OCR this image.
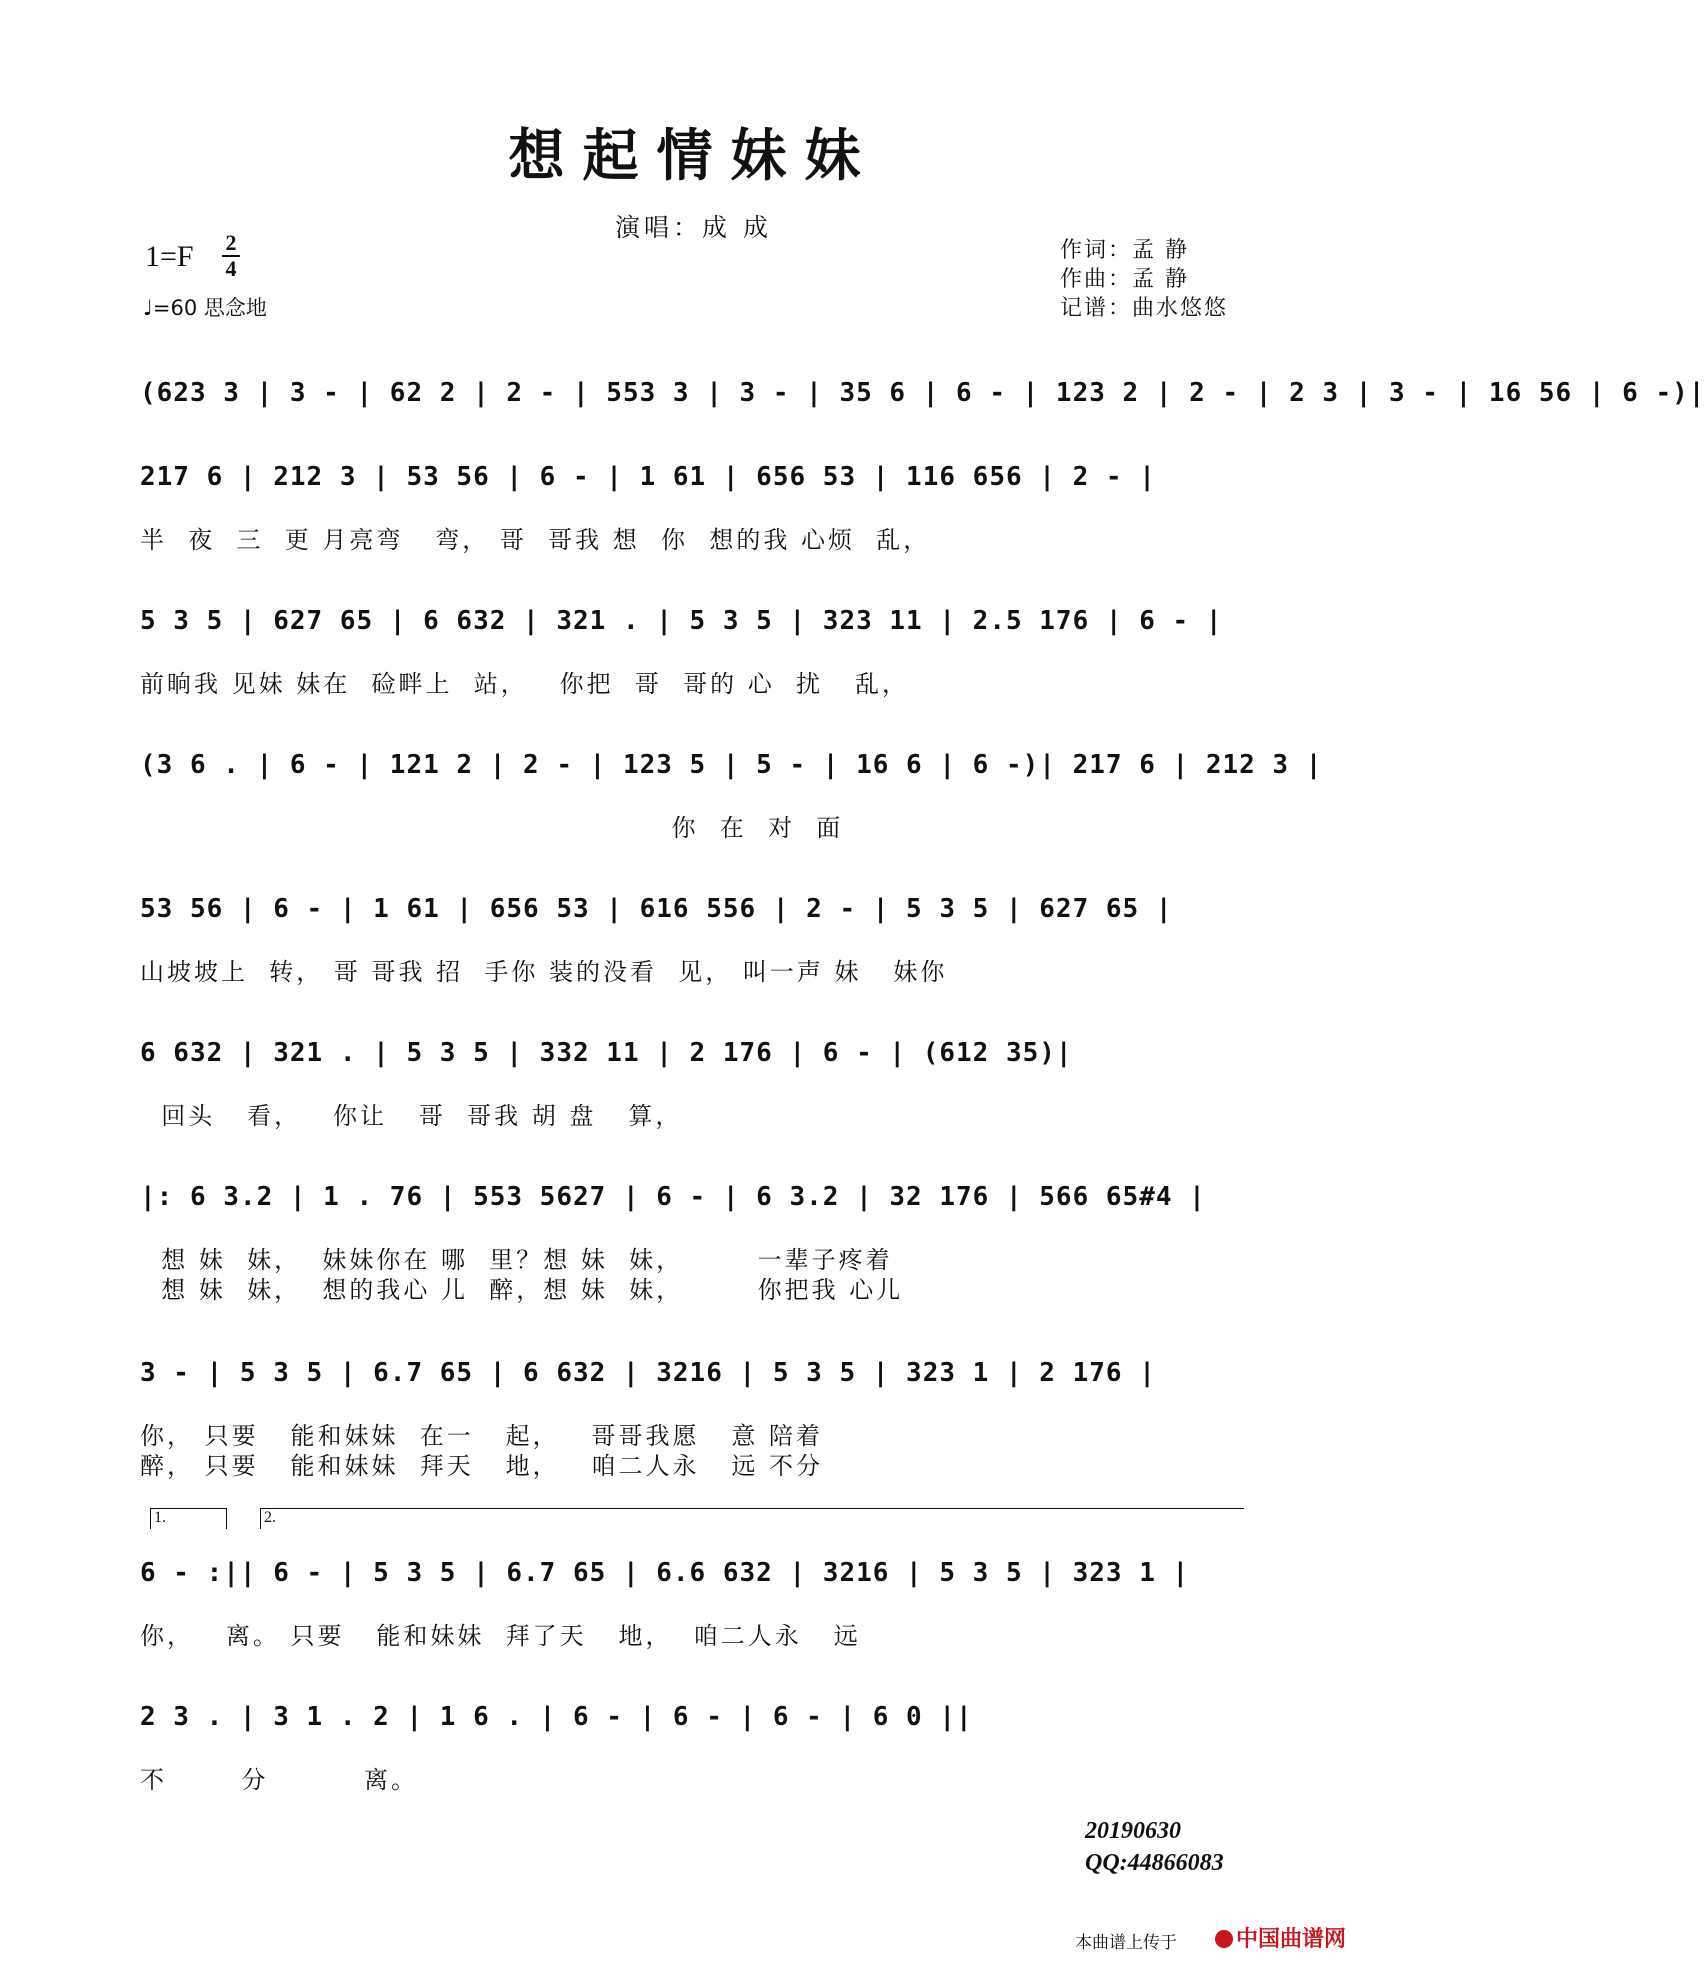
想起情妹妹
演唱：成 成
1=F 2
4
♩=60 思念地
作词：孟 静
作曲：孟 静
记谱：曲水悠悠
(623 3 | 3 - | 62 2 | 2 - | 553 3 | 3 - | 35 6 | 6 - | 123 2 | 2 - | 2 3 | 3 - | 16 56 | 6 -)|
217 6 | 212 3 | 53 56 | 6 - | 1 61 | 656 53 | 116 656 | 2 - |
半  夜  三  更 月亮弯   弯， 哥  哥我 想  你  想的我 心烦  乱，
5 3 5 | 627 65 | 6 632 | 321 . | 5 3 5 | 323 11 | 2.5 176 | 6 - |
前晌我 见妹 妹在  硷畔上  站，   你把  哥  哥的 心  扰   乱，
(3 6 . | 6 - | 121 2 | 2 - | 123 5 | 5 - | 16 6 | 6 -)| 217 6 | 212 3 |
你  在  对  面
53 56 | 6 - | 1 61 | 656 53 | 616 556 | 2 - | 5 3 5 | 627 65 |
山坡坡上  转， 哥 哥我 招  手你 装的没看  见， 叫一声 妹   妹你
6 632 | 321 . | 5 3 5 | 332 11 | 2 176 | 6 - | (612 35)|
回头   看，   你让   哥  哥我 胡 盘   算，
|: 6 3.2 | 1 . 76 | 553 5627 | 6 - | 6 3.2 | 32 176 | 566 65#4 |
想 妹  妹，  妹妹你在 哪  里？想 妹  妹，       一辈子疼着
想 妹  妹，  想的我心 儿  醉，想 妹  妹，       你把我 心儿
3 - | 5 3 5 | 6.7 65 | 6 632 | 3216 | 5 3 5 | 323 1 | 2 176 |
你， 只要   能和妹妹  在一   起，   哥哥我愿   意 陪着
醉， 只要   能和妹妹  拜天   地，   咱二人永   远 不分
1.	2.
6 - :|| 6 - | 5 3 5 | 6.7 65 | 6.6 632 | 3216 | 5 3 5 | 323 1 |
你，   离。 只要   能和妹妹  拜了天   地，  咱二人永   远
2 3 . | 3 1 . 2 | 1 6 . | 6 - | 6 - | 6 - | 6 0 ||
不       分         离。
20190630
QQ:44866083
本曲谱上传于	中国曲谱网
